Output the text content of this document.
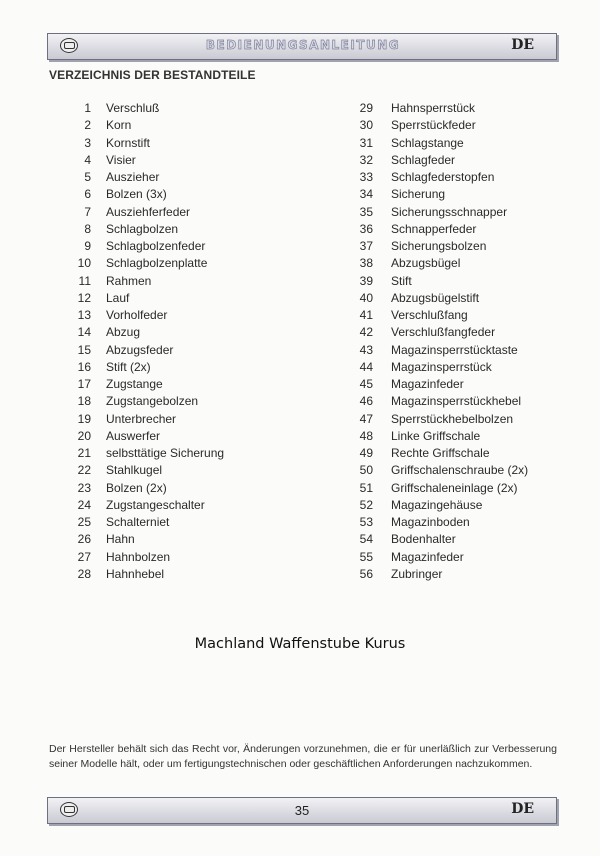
BEDIENUNGSANLEITUNG	DE
VERZEICHNIS DER BESTANDTEILE
1 Verschluß
2 Korn
3 Kornstift
4 Visier
5 Auszieher
6 Bolzen (3x)
7 Ausziehferfeder
8 Schlagbolzen
9 Schlagbolzenfeder
10 Schlagbolzenplatte
11 Rahmen
12 Lauf
13 Vorholfeder
14 Abzug
15 Abzugsfeder
16 Stift (2x)
17 Zugstange
18 Zugstangebolzen
19 Unterbrecher
20 Auswerfer
21 selbsttätige Sicherung
22 Stahlkugel
23 Bolzen (2x)
24 Zugstangeschalter
25 Schalterniet
26 Hahn
27 Hahnbolzen
28 Hahnhebel
29 Hahnsperrstück
30 Sperrstückfeder
31 Schlagstange
32 Schlagfeder
33 Schlagfederstopfen
34 Sicherung
35 Sicherungsschnapper
36 Schnapperfeder
37 Sicherungsbolzen
38 Abzugsbügel
39 Stift
40 Abzugsbügelstift
41 Verschlußfang
42 Verschlußfangfeder
43 Magazinsperrstücktaste
44 Magazinsperrstück
45 Magazinfeder
46 Magazinsperrstückhebel
47 Sperrstückhebelbolzen
48 Linke Griffschale
49 Rechte Griffschale
50 Griffschalenschraube (2x)
51 Griffschaleneinlage (2x)
52 Magazingehäuse
53 Magazinboden
54 Bodenhalter
55 Magazinfeder
56 Zubringer
Machland Waffenstube Kurus
Der Hersteller behält sich das Recht vor, Änderungen vorzunehmen, die er für unerläßlich zur Verbesserung seiner Modelle hält, oder um fertigungstechnischen oder geschäftlichen Anforderungen nachzukommen.
35	DE
